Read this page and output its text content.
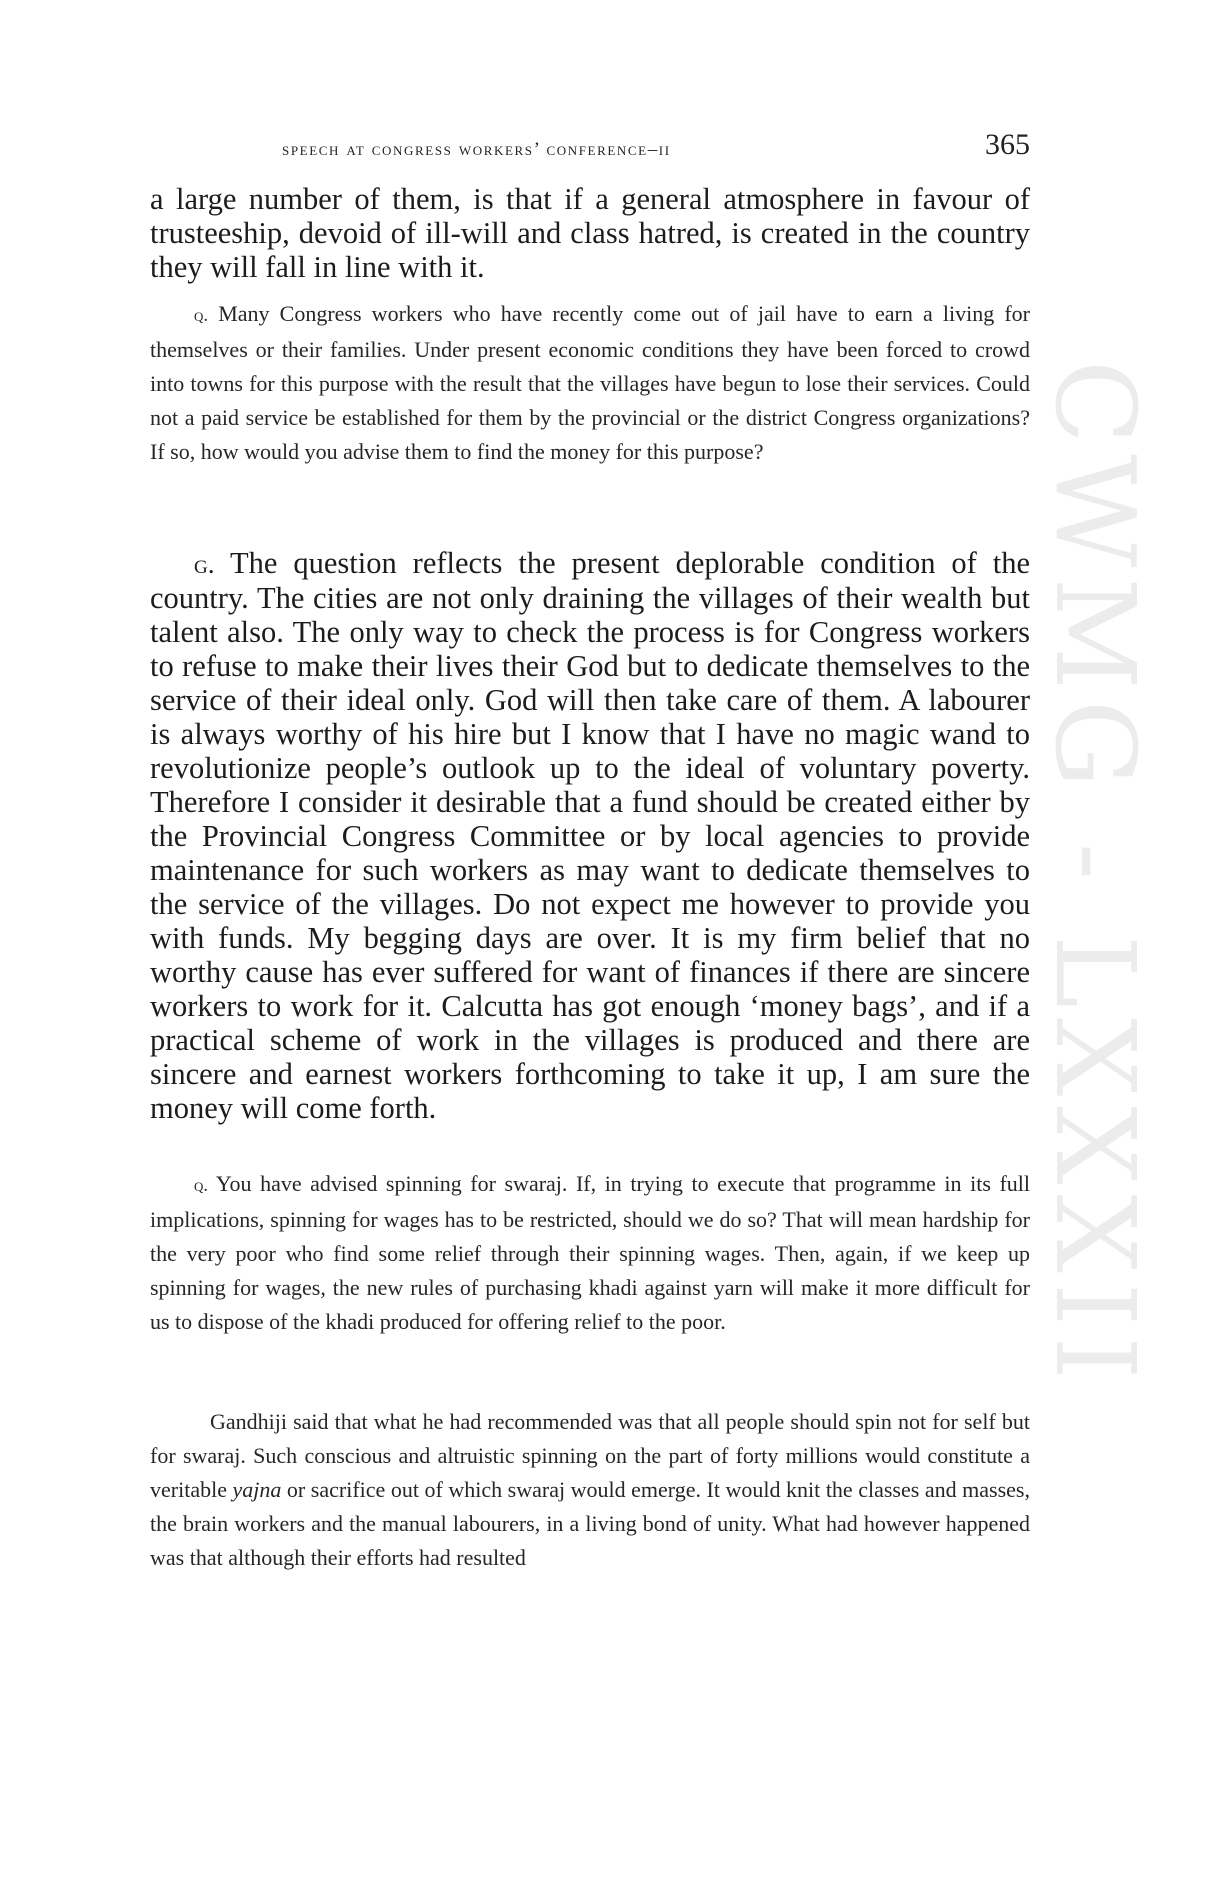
CWMG - LXXXII
speech at congress workers’ conference–ii	365

a large number of them, is that if a general atmosphere in favour of trusteeship, devoid of ill-will and class hatred, is created in the country they will fall in line with it.

q. Many Congress workers who have recently come out of jail have to earn a living for themselves or their families. Under present economic conditions they have been forced to crowd into towns for this purpose with the result that the villages have begun to lose their services. Could not a paid service be established for them by the provincial or the district Congress organizations? If so, how would you advise them to find the money for this purpose?

g. The question reflects the present deplorable condition of the country. The cities are not only draining the villages of their wealth but talent also. The only way to check the process is for Congress workers to refuse to make their lives their God but to dedicate themselves to the service of their ideal only. God will then take care of them. A labourer is always worthy of his hire but I know that I have no magic wand to revolutionize people’s outlook up to the ideal of voluntary poverty. Therefore I consider it desirable that a fund should be created either by the Provincial Congress Committee or by local agencies to provide maintenance for such workers as may want to dedicate themselves to the service of the villages. Do not expect me however to provide you with funds. My begging days are over. It is my firm belief that no worthy cause has ever suffered for want of finances if there are sincere workers to work for it. Calcutta has got enough ‘money bags’, and if a practical scheme of work in the villages is produced and there are sincere and earnest workers forthcoming to take it up, I am sure the money will come forth.

q. You have advised spinning for swaraj. If, in trying to execute that programme in its full implications, spinning for wages has to be restricted, should we do so? That will mean hardship for the very poor who find some relief through their spinning wages. Then, again, if we keep up spinning for wages, the new rules of purchasing khadi against yarn will make it more difficult for us to dispose of the khadi produced for offering relief to the poor.

Gandhiji said that what he had recommended was that all people should spin not for self but for swaraj. Such conscious and altruistic spinning on the part of forty millions would constitute a veritable yajna or sacrifice out of which swaraj would emerge. It would knit the classes and masses, the brain workers and the manual labourers, in a living bond of unity. What had however happened was that although their efforts had resulted
